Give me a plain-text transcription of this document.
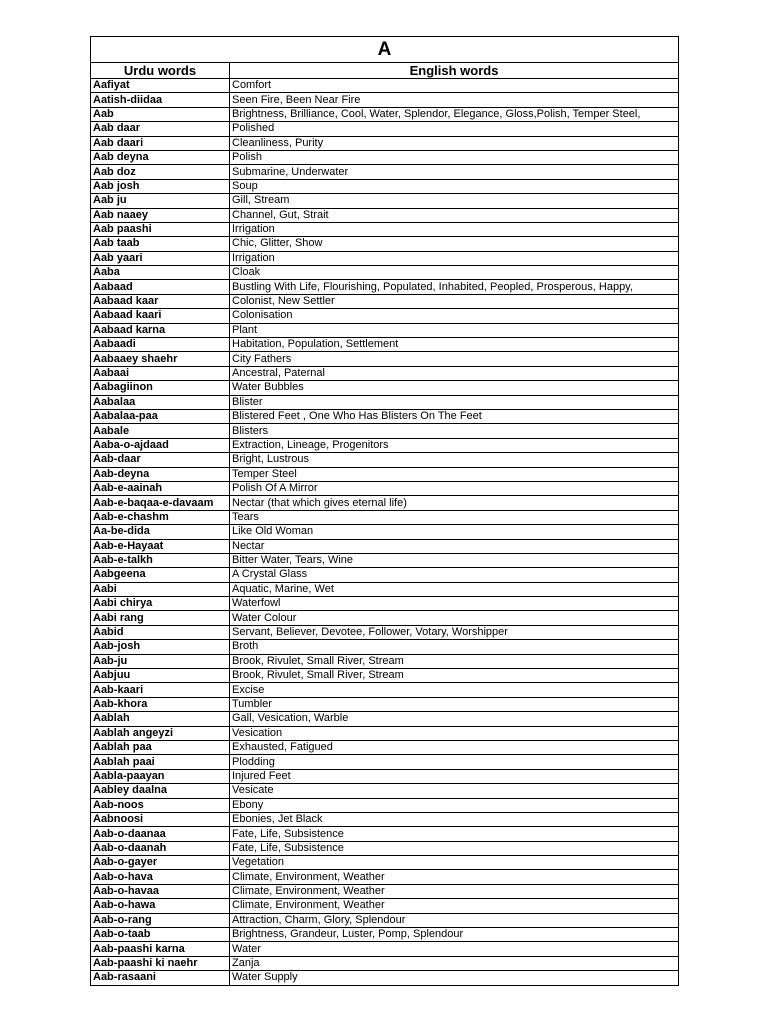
A	
Urdu words	English words
Aafiyat	Comfort
Aatish-diidaa	Seen Fire, Been Near Fire
Aab	Brightness, Brilliance, Cool, Water, Splendor, Elegance, Gloss,Polish, Temper Steel,
Aab daar	Polished
Aab daari	Cleanliness, Purity
Aab deyna	Polish
Aab doz	Submarine, Underwater
Aab josh	Soup
Aab ju	Gill, Stream
Aab naaey	Channel, Gut, Strait
Aab paashi	Irrigation
Aab taab	Chic, Glitter, Show
Aab yaari	Irrigation
Aaba	Cloak
Aabaad	Bustling With Life, Flourishing, Populated, Inhabited, Peopled, Prosperous, Happy,
Aabaad kaar	Colonist, New Settler
Aabaad kaari	Colonisation
Aabaad karna	Plant
Aabaadi	Habitation, Population, Settlement
Aabaaey shaehr	City Fathers
Aabaai	Ancestral, Paternal
Aabagiinon	Water Bubbles
Aabalaa	Blister
Aabalaa-paa	Blistered Feet , One Who Has Blisters On The Feet
Aabale	Blisters
Aaba-o-ajdaad	Extraction, Lineage, Progenitors
Aab-daar	Bright, Lustrous
Aab-deyna	Temper Steel
Aab-e-aainah	Polish Of A Mirror
Aab-e-baqaa-e-davaam	Nectar (that which gives eternal life)
Aab-e-chashm	Tears
Aa-be-dida	Like Old Woman
Aab-e-Hayaat	Nectar
Aab-e-talkh	Bitter Water, Tears, Wine
Aabgeena	A Crystal Glass
Aabi	Aquatic, Marine, Wet
Aabi chirya	Waterfowl
Aabi rang	Water Colour
Aabid	Servant, Believer, Devotee, Follower, Votary, Worshipper
Aab-josh	Broth
Aab-ju	Brook, Rivulet, Small River, Stream
Aabjuu	Brook, Rivulet, Small River, Stream
Aab-kaari	Excise
Aab-khora	Tumbler
Aablah	Gall, Vesication, Warble
Aablah angeyzi	Vesication
Aablah paa	Exhausted, Fatigued
Aablah paai	Plodding
Aabla-paayan	Injured Feet
Aabley daalna	Vesicate
Aab-noos	Ebony
Aabnoosi	Ebonies, Jet Black
Aab-o-daanaa	Fate, Life, Subsistence
Aab-o-daanah	Fate, Life, Subsistence
Aab-o-gayer	Vegetation
Aab-o-hava	Climate, Environment, Weather
Aab-o-havaa	Climate, Environment, Weather
Aab-o-hawa	Climate, Environment, Weather
Aab-o-rang	Attraction, Charm, Glory, Splendour
Aab-o-taab	Brightness, Grandeur, Luster, Pomp, Splendour
Aab-paashi karna	Water
Aab-paashi ki naehr	Zanja
Aab-rasaani	Water Supply
